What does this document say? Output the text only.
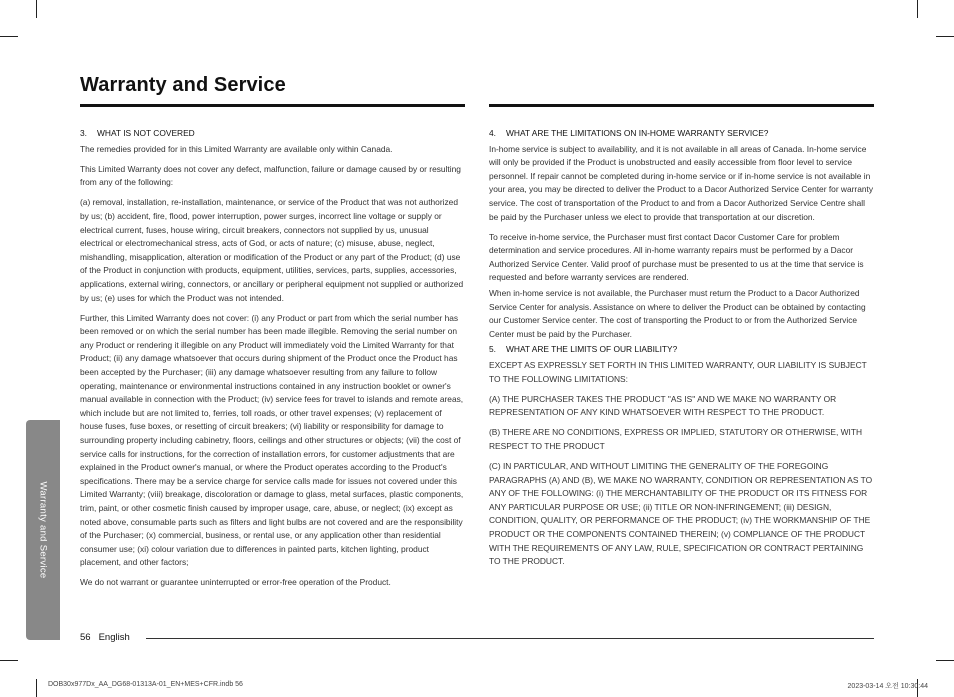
Warranty and Service
3. WHAT IS NOT COVERED

The remedies provided for in this Limited Warranty are available only within Canada.

This Limited Warranty does not cover any defect, malfunction, failure or damage caused by or resulting from any of the following:

(a) removal, installation, re-installation, maintenance, or service of the Product that was not authorized by us; (b) accident, fire, flood, power interruption, power surges, incorrect line voltage or supply or electrical current, fuses, house wiring, circuit breakers, connectors not supplied by us, unusual electrical or electromechanical stress, acts of God, or acts of nature; (c) misuse, abuse, neglect, mishandling, misapplication, alteration or modification of the Product or any part of the Product; (d) use of the Product in conjunction with products, equipment, utilities, services, parts, supplies, accessories, applications, external wiring, connectors, or ancillary or peripheral equipment not supplied or authorized by us; (e) uses for which the Product was not intended.

Further, this Limited Warranty does not cover: (i) any Product or part from which the serial number has been removed or on which the serial number has been made illegible. Removing the serial number on any Product or rendering it illegible on any Product will immediately void the Limited Warranty for that Product; (ii) any damage whatsoever that occurs during shipment of the Product once the Product has been accepted by the Purchaser; (iii) any damage whatsoever resulting from any failure to follow operating, maintenance or environmental instructions contained in any instruction booklet or owner's manual available in connection with the Product; (iv) service fees for travel to islands and remote areas, which include but are not limited to, ferries, toll roads, or other travel expenses; (v) replacement of house fuses, fuse boxes, or resetting of circuit breakers; (vi) liability or responsibility for damage to surrounding property including cabinetry, floors, ceilings and other structures or objects; (vii) the cost of service calls for instructions, for the correction of installation errors, for customer adjustments that are explained in the Product owner's manual, or where the Product operates according to the Product's specifications. There may be a service charge for service calls made for issues not covered under this Limited Warranty; (viii) breakage, discoloration or damage to glass, metal surfaces, plastic components, trim, paint, or other cosmetic finish caused by improper usage, care, abuse, or neglect; (ix) except as noted above, consumable parts such as filters and light bulbs are not covered and are the responsibility of the Purchaser; (x) commercial, business, or rental use, or any application other than residential consumer use; (xi) colour variation due to differences in painted parts, kitchen lighting, product placement, and other factors;

We do not warrant or guarantee uninterrupted or error-free operation of the Product.

4. WHAT ARE THE LIMITATIONS ON IN-HOME WARRANTY SERVICE?

In-home service is subject to availability, and it is not available in all areas of Canada. In-home service will only be provided if the Product is unobstructed and easily accessible from floor level to service personnel. If repair cannot be completed during in-home service or if in-home service is not available in your area, you may be directed to deliver the Product to a Dacor Authorized Service Center for warranty service. The cost of transportation of the Product to and from a Dacor Authorized Service Centre shall be paid by the Purchaser unless we elect to provide that transportation at our discretion.

To receive in-home service, the Purchaser must first contact Dacor Customer Care for problem determination and service procedures. All in-home warranty repairs must be performed by a Dacor Authorized Service Center. Valid proof of purchase must be presented to us at the time that service is requested and before warranty services are rendered.

When in-home service is not available, the Purchaser must return the Product to a Dacor Authorized Service Center for analysis. Assistance on where to deliver the Product can be obtained by contacting our Customer Service center. The cost of transporting the Product to or from the Authorized Service Center must be paid by the Purchaser.

5. WHAT ARE THE LIMITS OF OUR LIABILITY?

EXCEPT AS EXPRESSLY SET FORTH IN THIS LIMITED WARRANTY, OUR LIABILITY IS SUBJECT TO THE FOLLOWING LIMITATIONS:

(A) THE PURCHASER TAKES THE PRODUCT "AS IS" AND WE MAKE NO WARRANTY OR REPRESENTATION OF ANY KIND WHATSOEVER WITH RESPECT TO THE PRODUCT.

(B) THERE ARE NO CONDITIONS, EXPRESS OR IMPLIED, STATUTORY OR OTHERWISE, WITH RESPECT TO THE PRODUCT

(C) IN PARTICULAR, AND WITHOUT LIMITING THE GENERALITY OF THE FOREGOING PARAGRAPHS (A) AND (B), WE MAKE NO WARRANTY, CONDITION OR REPRESENTATION AS TO ANY OF THE FOLLOWING: (i) THE MERCHANTABILITY OF THE PRODUCT OR ITS FITNESS FOR ANY PARTICULAR PURPOSE OR USE; (ii) TITLE OR NON-INFRINGEMENT; (iii) DESIGN, CONDITION, QUALITY, OR PERFORMANCE OF THE PRODUCT; (iv) THE WORKMANSHIP OF THE PRODUCT OR THE COMPONENTS CONTAINED THEREIN; (v) COMPLIANCE OF THE PRODUCT WITH THE REQUIREMENTS OF ANY LAW, RULE, SPECIFICATION OR CONTRACT PERTAINING TO THE PRODUCT.

Warranty and Service
56 English
DOB30x977Dx_AA_DG68-01313A-01_EN+MES+CFR.indb 56	2023-03-14 오전 10:30:44
